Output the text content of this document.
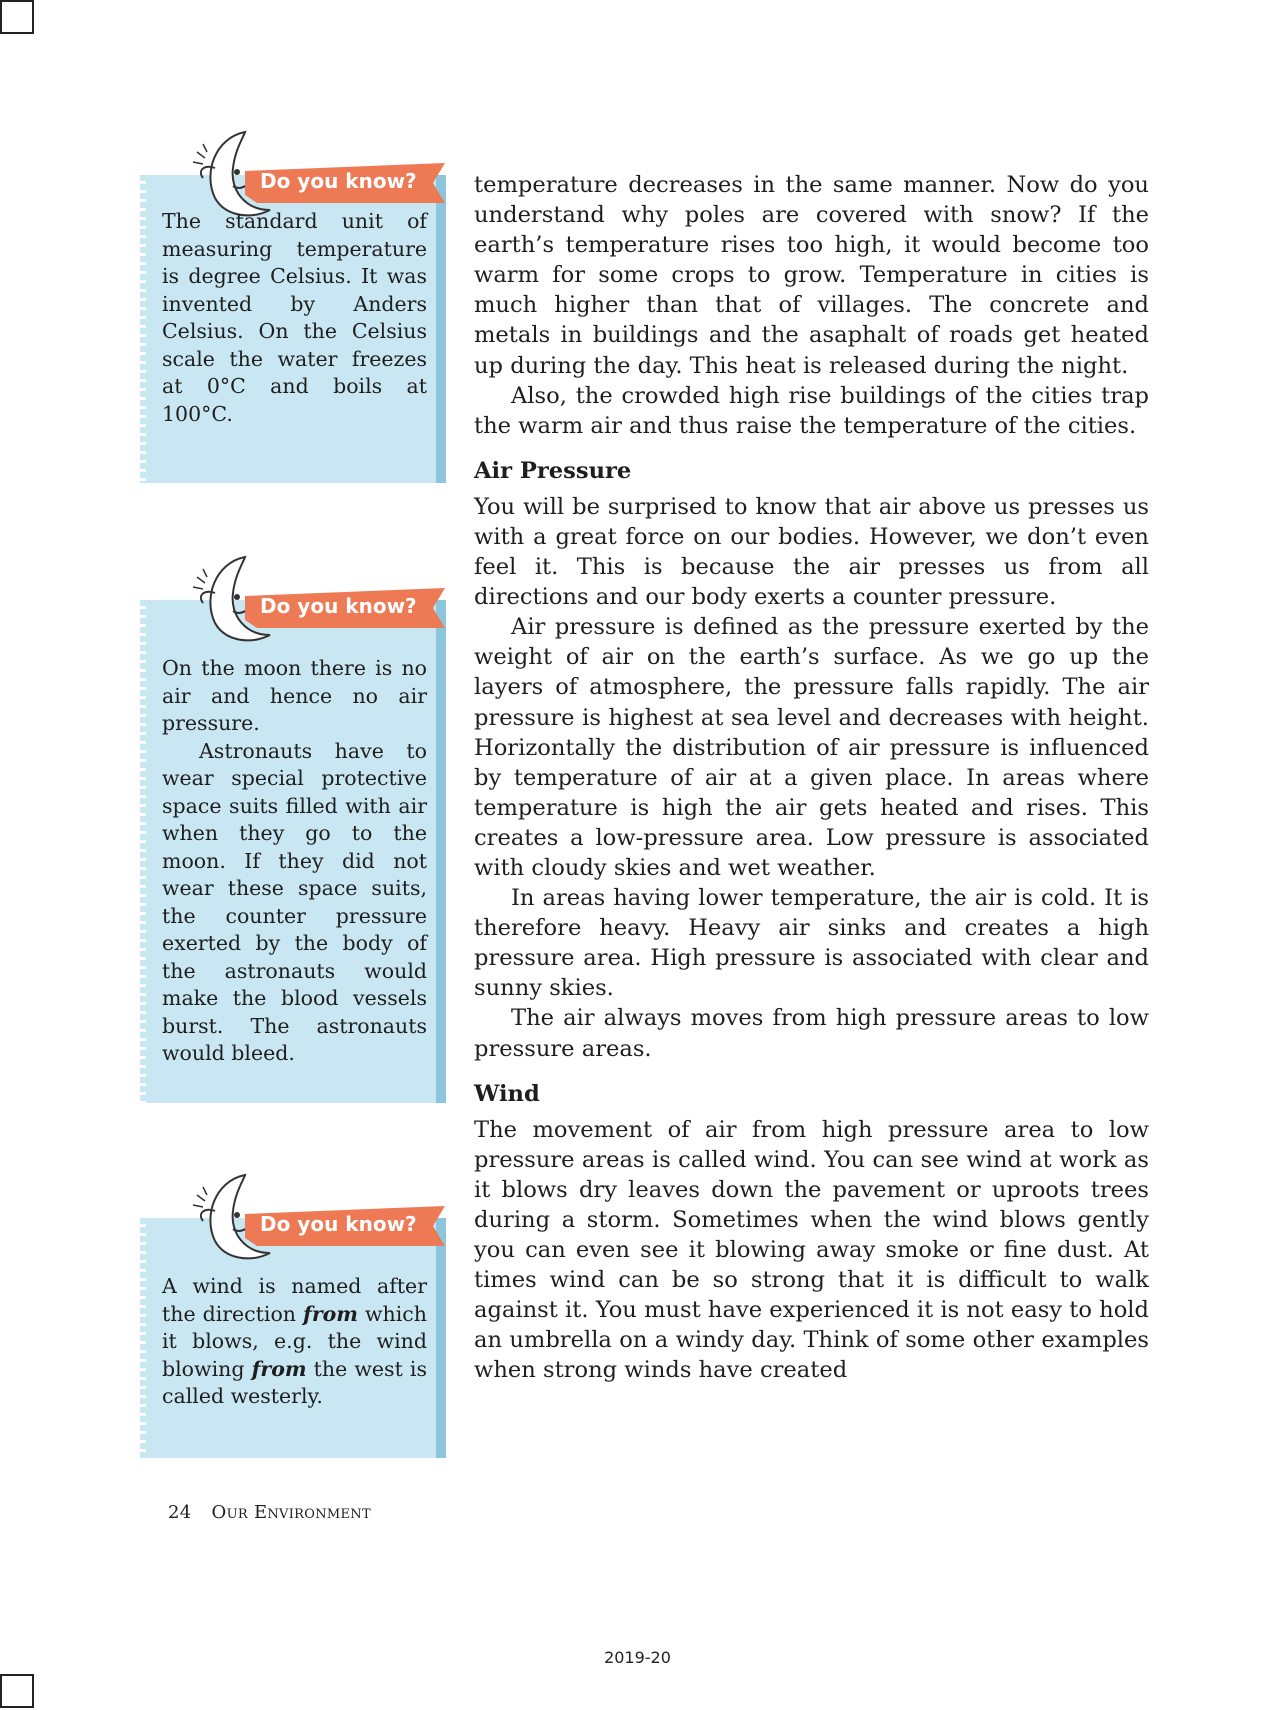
Do you know?

The standard unit of measuring temperature is degree Celsius. It was invented by Anders Celsius. On the Celsius scale the water freezes at 0°C and boils at 100°C.

Do you know?

On the moon there is no air and hence no air pressure.

Astronauts have to wear special protective space suits filled with air when they go to the moon. If they did not wear these space suits, the counter pressure exerted by the body of the astronauts would make the blood vessels burst. The astronauts would bleed.

Do you know?

A wind is named after the direction from which it blows, e.g. the wind blowing from the west is called westerly.

temperature decreases in the same manner. Now do you understand why poles are covered with snow? If the earth’s temperature rises too high, it would become too warm for some crops to grow. Temperature in cities is much higher than that of villages. The concrete and metals in buildings and the asaphalt of roads get heated up during the day. This heat is released during the night.

Also, the crowded high rise buildings of the cities trap the warm air and thus raise the temperature of the cities.

Air Pressure

You will be surprised to know that air above us presses us with a great force on our bodies. However, we don’t even feel it. This is because the air presses us from all directions and our body exerts a counter pressure.

Air pressure is defined as the pressure exerted by the weight of air on the earth’s surface. As we go up the layers of atmosphere, the pressure falls rapidly. The air pressure is highest at sea level and decreases with height. Horizontally the distribution of air pressure is influenced by temperature of air at a given place. In areas where temperature is high the air gets heated and rises. This creates a low-pressure area. Low pressure is associated with cloudy skies and wet weather.

In areas having lower temperature, the air is cold. It is therefore heavy. Heavy air sinks and creates a high pressure area. High pressure is associated with clear and sunny skies.

The air always moves from high pressure areas to low pressure areas.

Wind

The movement of air from high pressure area to low pressure areas is called wind. You can see wind at work as it blows dry leaves down the pavement or uproots trees during a storm. Sometimes when the wind blows gently you can even see it blowing away smoke or fine dust. At times wind can be so strong that it is difficult to walk against it. You must have experienced it is not easy to hold an umbrella on a windy day. Think of some other examples when strong winds have created

24 Our Environment
2019-20
